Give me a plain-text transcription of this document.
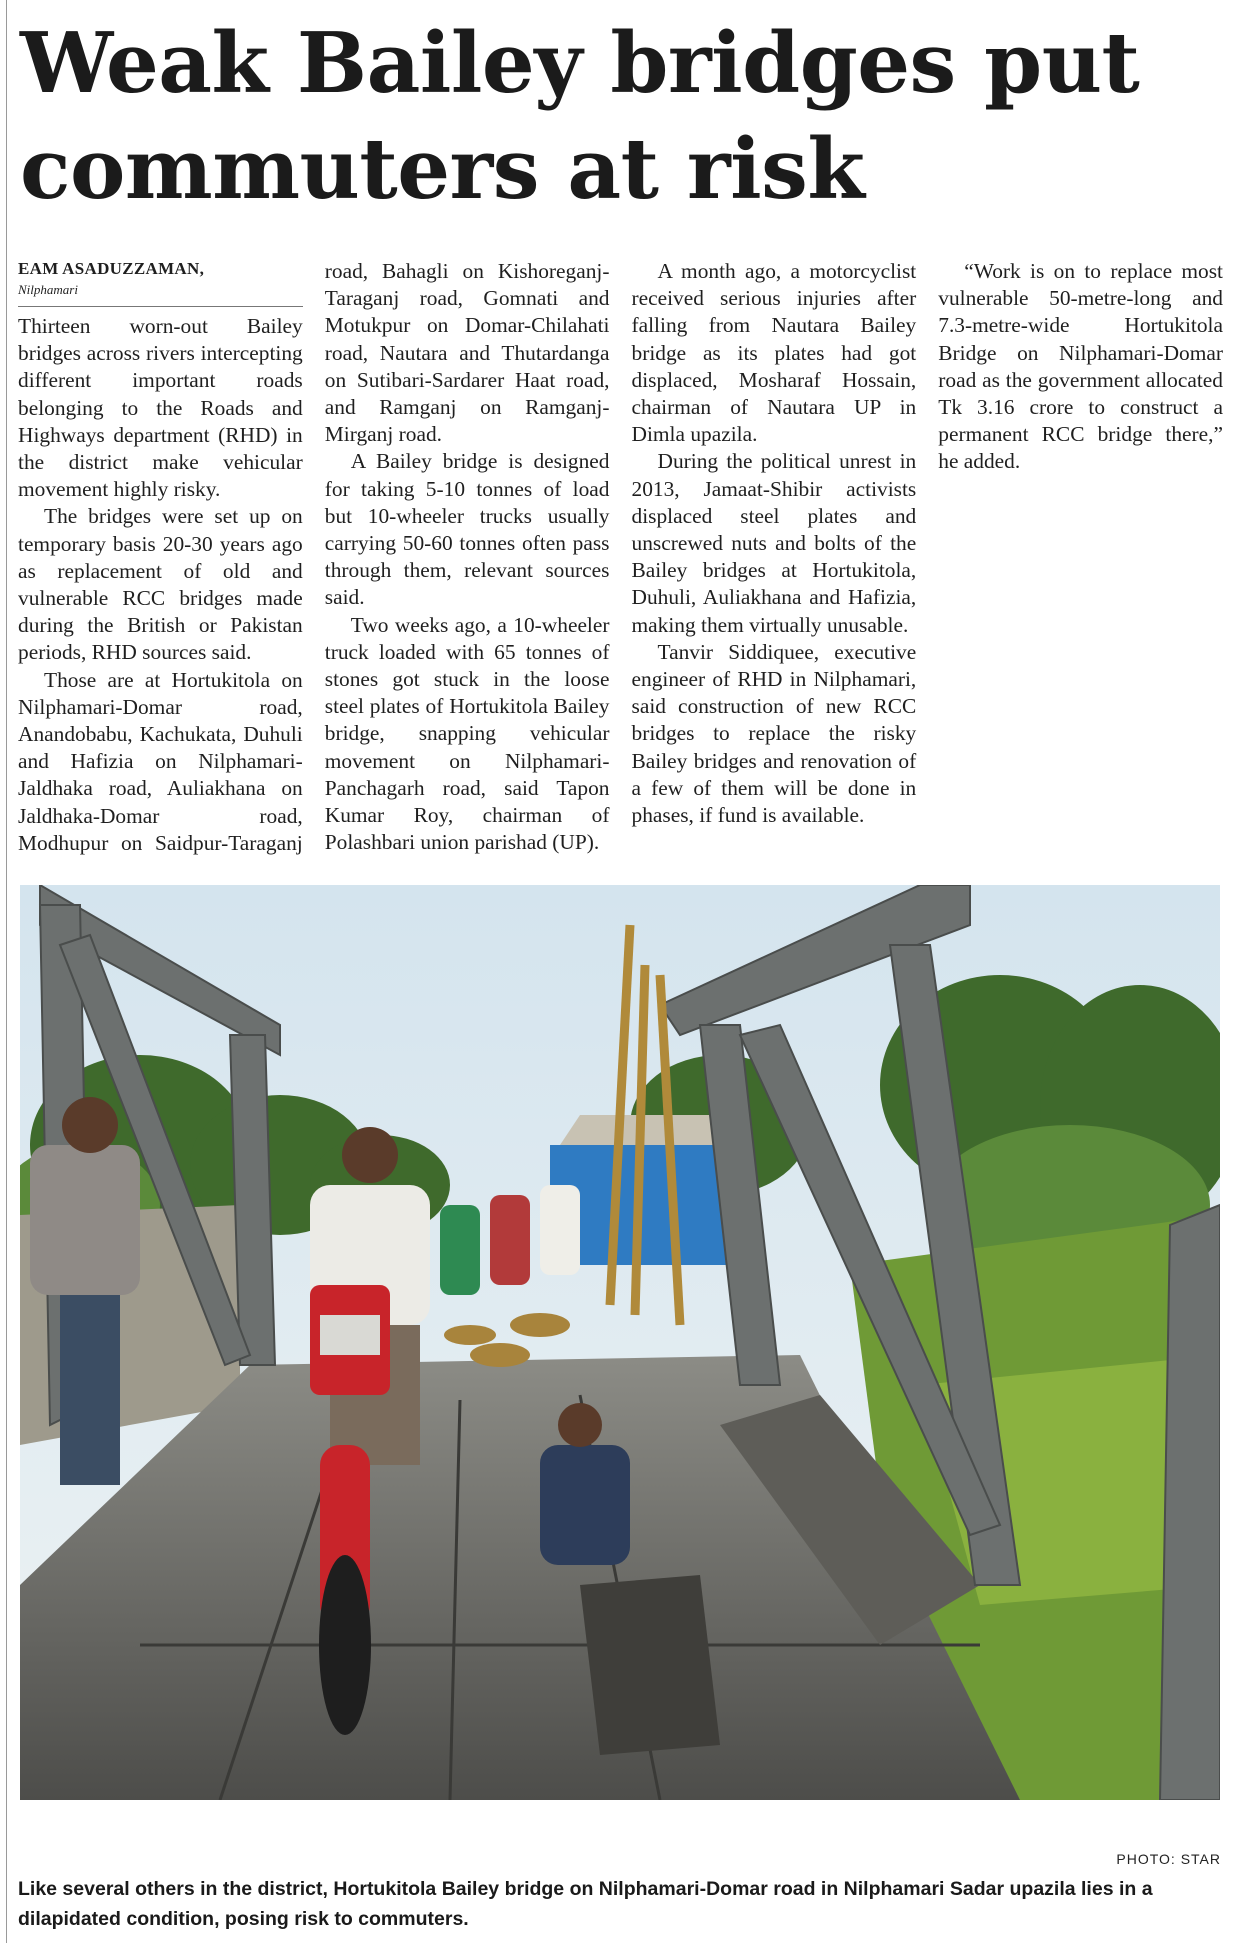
Weak Bailey bridges put commuters at risk

EAM ASADUZZAMAN,

Nilphamari

Thirteen worn-out Bailey bridges across rivers intercepting different important roads belonging to the Roads and Highways department (RHD) in the district make vehicular movement highly risky.

The bridges were set up on temporary basis 20-30 years ago as replacement of old and vulnerable RCC bridges made during the British or Pakistan periods, RHD sources said.

Those are at Hortukitola on Nilphamari-Domar road, Anandobabu, Kachukata, Duhuli and Hafizia on Nilphamari-Jaldhaka road, Auliakhana on Jaldhaka-Domar road, Modhupur on Saidpur-Taraganj road, Bahagli on Kishoreganj-Taraganj road, Gomnati and Motukpur on Domar-Chilahati road, Nautara and Thutardanga on Sutibari-Sardarer Haat road, and Ramganj on Ramganj-Mirganj road.

A Bailey bridge is designed for taking 5-10 tonnes of load but 10-wheeler trucks usually carrying 50-60 tonnes often pass through them, relevant sources said.

Two weeks ago, a 10-wheeler truck loaded with 65 tonnes of stones got stuck in the loose steel plates of Hortukitola Bailey bridge, snapping vehicular movement on Nilphamari-Panchagarh road, said Tapon Kumar Roy, chairman of Polashbari union parishad (UP).

A month ago, a motorcyclist received serious injuries after falling from Nautara Bailey bridge as its plates had got displaced, Mosharaf Hossain, chairman of Nautara UP in Dimla upazila.

During the political unrest in 2013, Jamaat-Shibir activists displaced steel plates and unscrewed nuts and bolts of the Bailey bridges at Hortukitola, Duhuli, Auliakhana and Hafizia, making them virtually unusable.

Tanvir Siddiquee, executive engineer of RHD in Nilphamari, said construction of new RCC bridges to replace the risky Bailey bridges and renovation of a few of them will be done in phases, if fund is available.

“Work is on to replace most vulnerable 50-metre-long and 7.3-metre-wide Hortukitola Bridge on Nilphamari-Domar road as the government allocated Tk 3.16 crore to construct a permanent RCC bridge there,” he added.

PHOTO: STAR

Like several others in the district, Hortukitola Bailey bridge on Nilphamari-Domar road in Nilphamari Sadar upazila lies in a dilapidated condition, posing risk to commuters.
